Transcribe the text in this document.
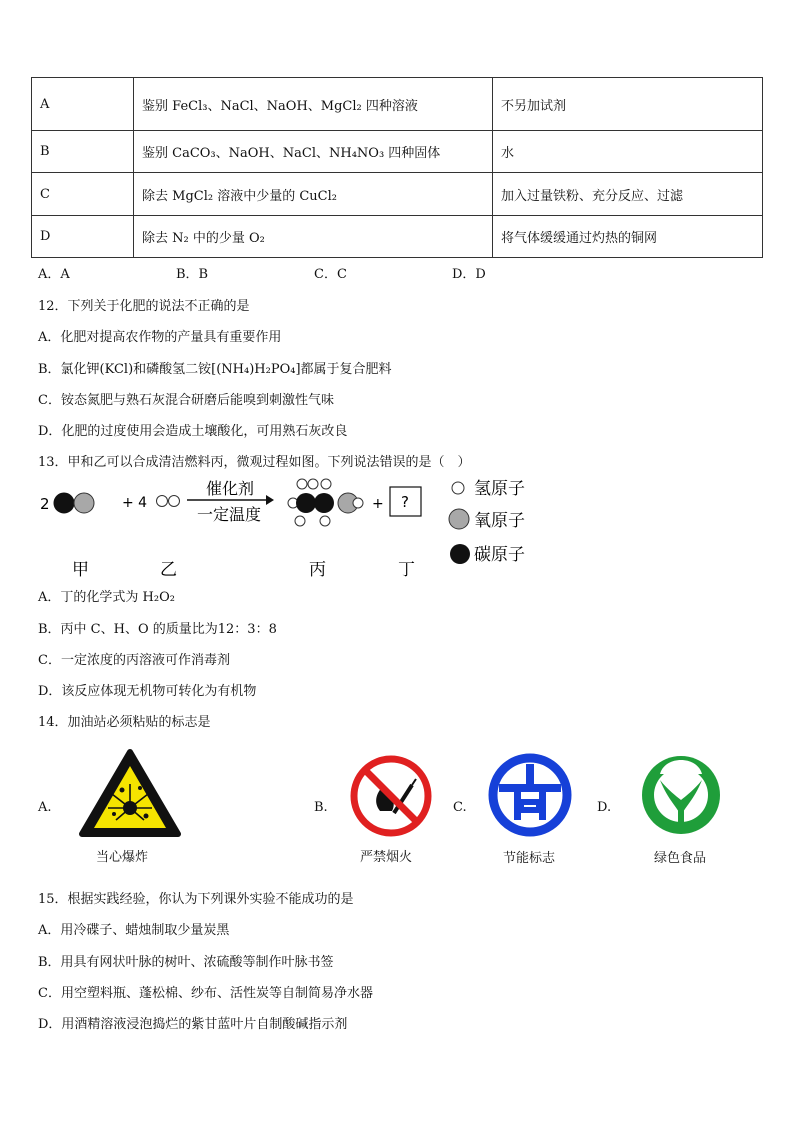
A	鉴别 FeCl₃、NaCl、NaOH、MgCl₂ 四种溶液	不另加试剂
B	鉴别 CaCO₃、NaOH、NaCl、NH₄NO₃ 四种固体	水
C	除去 MgCl₂ 溶液中少量的 CuCl₂	加入过量铁粉、充分反应、过滤
D	除去 N₂ 中的少量 O₂	将气体缓缓通过灼热的铜网
A．A	B．B	C．C	D．D
12．下列关于化肥的说法不正确的是
A．化肥对提高农作物的产量具有重要作用
B．氯化钾(KCl)和磷酸氢二铵[(NH₄)H₂PO₄]都属于复合肥料
C．铵态氮肥与熟石灰混合研磨后能嗅到刺激性气味
D．化肥的过度使用会造成土壤酸化，可用熟石灰改良
13．甲和乙可以合成清洁燃料丙，微观过程如图。下列说法错误的是（　）
2	+ 4
催化剂
一定温度
+ ?
氢原子
氧原子
碳原子
甲	乙	丙	丁
A．丁的化学式为 H₂O₂
B．丙中 C、H、O 的质量比为12：3：8
C．一定浓度的丙溶液可作消毒剂
D．该反应体现无机物可转化为有机物
14．加油站必须粘贴的标志是
A.	B.	C.	D.
当心爆炸	严禁烟火	节能标志	绿色食品
15．根据实践经验，你认为下列课外实验不能成功的是
A．用冷碟子、蜡烛制取少量炭黑
B．用具有网状叶脉的树叶、浓硫酸等制作叶脉书签
C．用空塑料瓶、蓬松棉、纱布、活性炭等自制简易净水器
D．用酒精溶液浸泡捣烂的紫甘蓝叶片自制酸碱指示剂
